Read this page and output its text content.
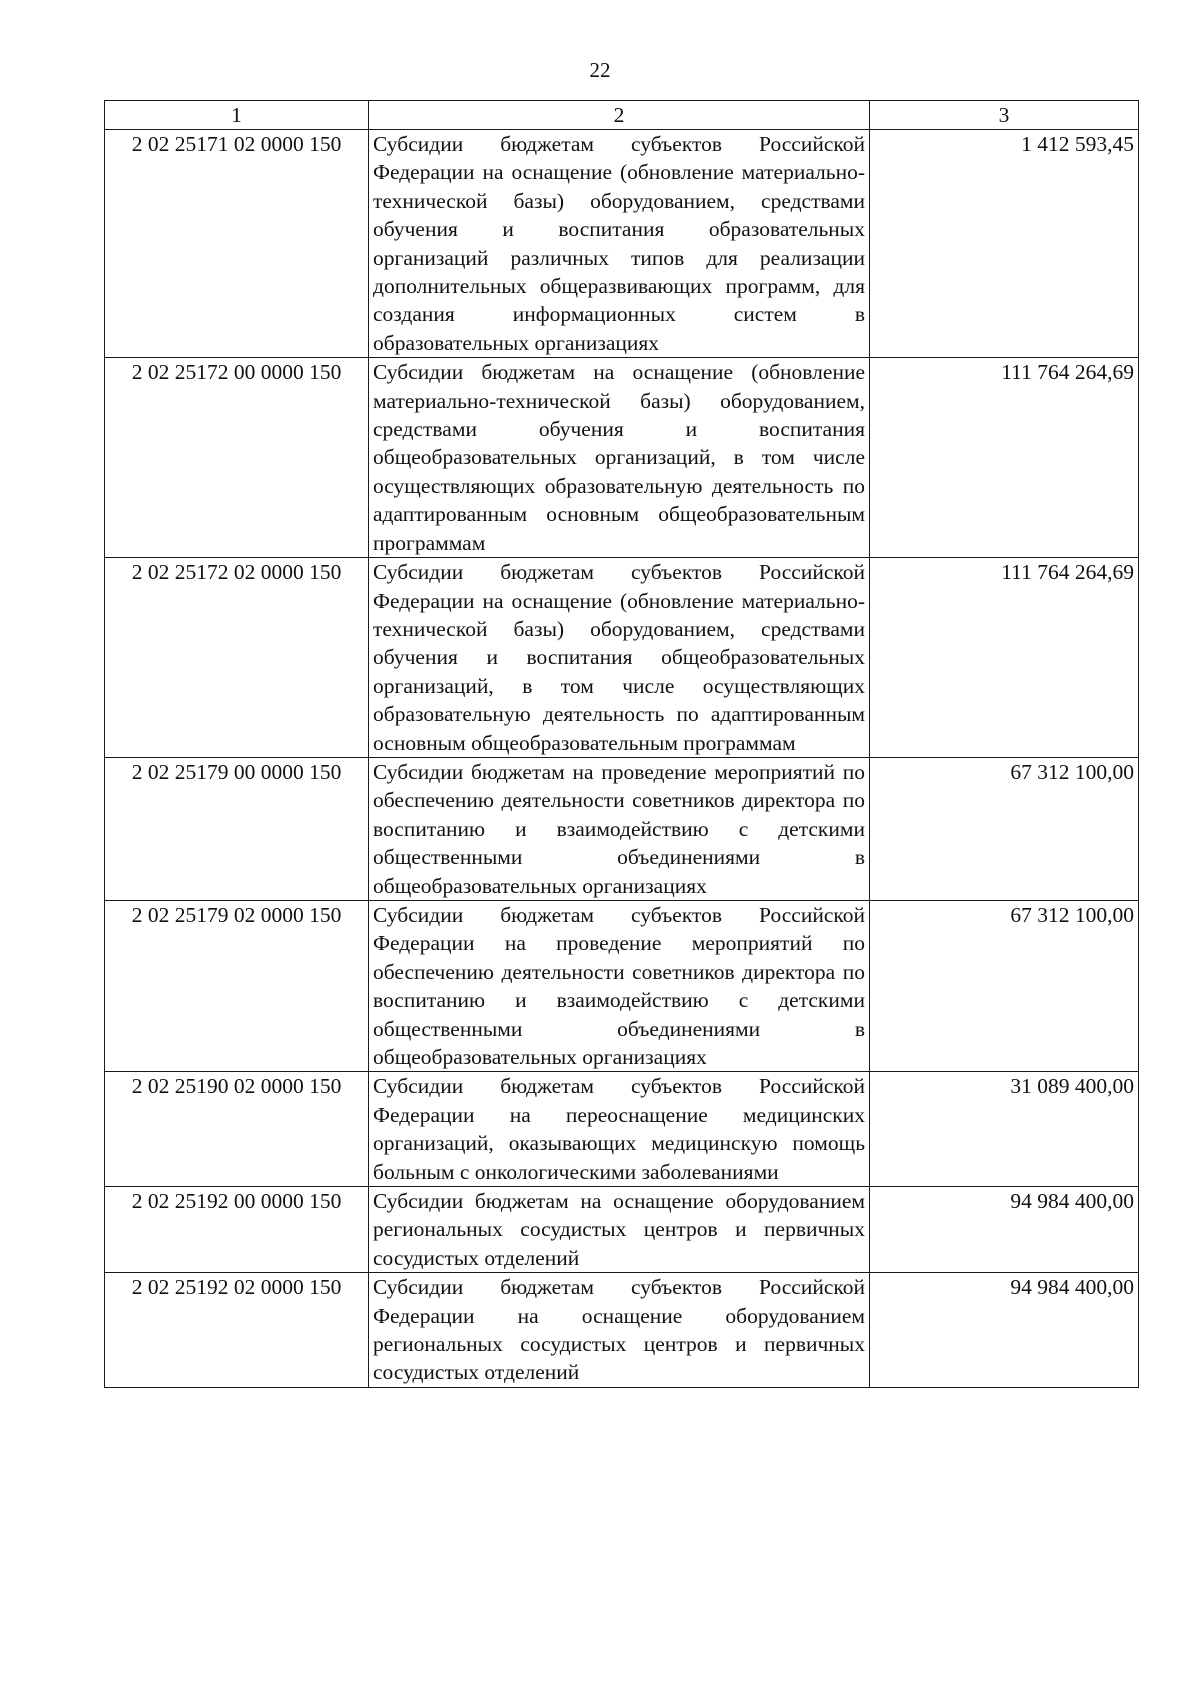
22
1	2	3
2 02 25171 02 0000 150	Субсидии бюджетам субъектов Российской Федерации на оснащение (обновление материально-технической базы) оборудованием, средствами обучения и воспитания образовательных организаций различных типов для реализации дополнительных общеразвивающих программ, для создания информационных систем в образовательных организациях	1 412 593,45
2 02 25172 00 0000 150	Субсидии бюджетам на оснащение (обновление материально-технической базы) оборудованием, средствами обучения и воспитания общеобразовательных организаций, в том числе осуществляющих образовательную деятельность по адаптированным основным общеобразовательным программам	111 764 264,69
2 02 25172 02 0000 150	Субсидии бюджетам субъектов Российской Федерации на оснащение (обновление материально-технической базы) оборудованием, средствами обучения и воспитания общеобразовательных организаций, в том числе осуществляющих образовательную деятельность по адаптированным основным общеобразовательным программам	111 764 264,69
2 02 25179 00 0000 150	Субсидии бюджетам на проведение мероприятий по обеспечению деятельности советников директора по воспитанию и взаимодействию с детскими общественными объединениями в общеобразовательных организациях	67 312 100,00
2 02 25179 02 0000 150	Субсидии бюджетам субъектов Российской Федерации на проведение мероприятий по обеспечению деятельности советников директора по воспитанию и взаимодействию с детскими общественными объединениями в общеобразовательных организациях	67 312 100,00
2 02 25190 02 0000 150	Субсидии бюджетам субъектов Российской Федерации на переоснащение медицинских организаций, оказывающих медицинскую помощь больным с онкологическими заболеваниями	31 089 400,00
2 02 25192 00 0000 150	Субсидии бюджетам на оснащение оборудованием региональных сосудистых центров и первичных сосудистых отделений	94 984 400,00
2 02 25192 02 0000 150	Субсидии бюджетам субъектов Российской Федерации на оснащение оборудованием региональных сосудистых центров и первичных сосудистых отделений	94 984 400,00
